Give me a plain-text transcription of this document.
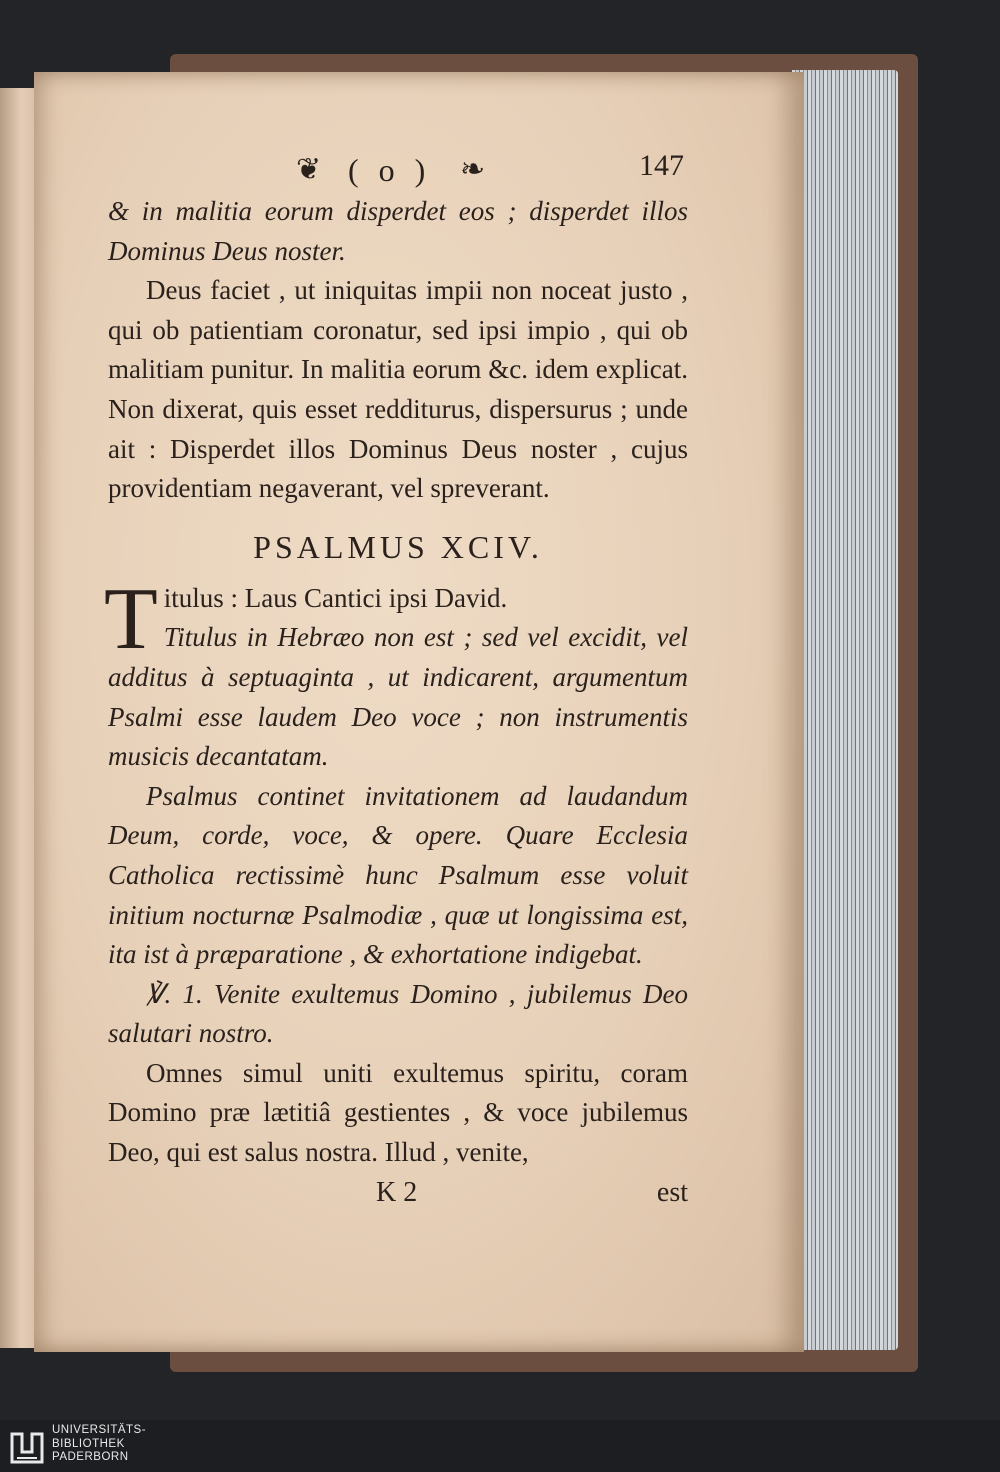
❦ ( o ) ❧	147

& in malitia eorum disperdet eos ; disperdet illos Dominus Deus noster.

Deus faciet , ut iniquitas impii non noceat justo , qui ob patientiam coronatur, sed ipsi impio , qui ob malitiam punitur. In malitia eorum &c. idem explicat. Non dixerat, quis esset redditurus, dispersurus ; unde ait : Disperdet illos Dominus Deus noster , cujus providentiam negaverant, vel spreverant.

PSALMUS XCIV.
T itulus : Laus Cantici ipsi David.

Titulus in Hebræo non est ; sed vel excidit, vel additus à septuaginta , ut indicarent, argumentum Psalmi esse laudem Deo voce ; non instrumentis musicis decantatam.

Psalmus continet invitationem ad laudandum Deum, corde, voce, & opere. Quare Ecclesia Catholica rectissimè hunc Psalmum esse voluit initium nocturnæ Psalmodiæ , quæ ut longissima est, ita ist à præparatione , & exhortatione indigebat.

℣. 1. Venite exultemus Domino , jubilemus Deo salutari nostro.

Omnes simul uniti exultemus spiritu, coram Domino præ lætitiâ gestientes , & voce jubilemus Deo, qui est salus nostra. Illud , venite,

K 2	est
UNIVERSITÄTS-
BIBLIOTHEK
PADERBORN
